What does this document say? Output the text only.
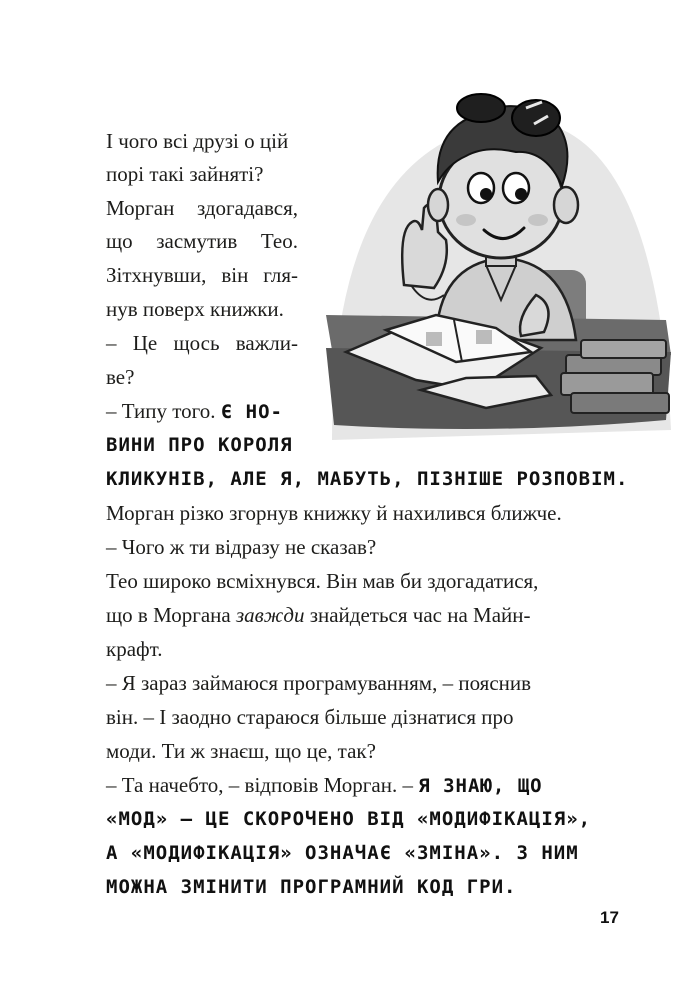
І чого всі друзі о цій
порі такі зайняті?
Морган здогадався,
що засмутив Тео.
Зітхнувши, він гля-
нув поверх книжки.
– Це щось важли-
ве?
– Типу того. Є НО-
ВИНИ ПРО КОРОЛЯ
КЛИКУНІВ, АЛЕ Я, МАБУТЬ, ПІЗНІШЕ РОЗПОВІМ.
Морган різко згорнув книжку й нахилився ближче.
– Чого ж ти відразу не сказав?
Тео широко всміхнувся. Він мав би здогадатися,
що в Моргана завжди знайдеться час на Майн-
крафт.
– Я зараз займаюся програмуванням, – пояснив
він. – І заодно стараюся більше дізнатися про
моди. Ти ж знаєш, що це, так?
– Та начебто, – відповів Морган. – Я ЗНАЮ, ЩО
«МОД» – ЦЕ СКОРОЧЕНО ВІД «МОДИФІКАЦІЯ»,
А «МОДИФІКАЦІЯ» ОЗНАЧАЄ «ЗМІНА». З НИМ
МОЖНА ЗМІНИТИ ПРОГРАМНИЙ КОД ГРИ.
17
